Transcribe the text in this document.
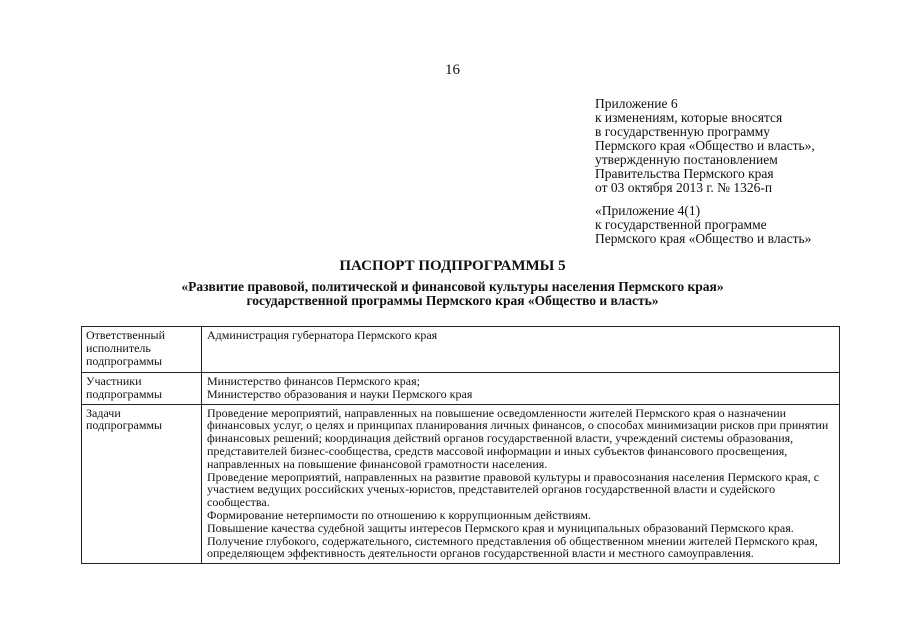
16
Приложение 6
к изменениям, которые вносятся
в государственную программу
Пермского края «Общество и власть»,
утвержденную постановлением
Правительства Пермского края
от 03 октября 2013 г. № 1326-п
«Приложение 4(1)
к государственной программе
Пермского края «Общество и власть»
ПАСПОРТ ПОДПРОГРАММЫ 5
«Развитие правовой, политической и финансовой культуры населения Пермского края»
государственной программы Пермского края «Общество и власть»
Ответственный
исполнитель
подпрограммы	Администрация губернатора Пермского края

Участники
подпрограммы	Министерство финансов Пермского края;
Министерство образования и науки Пермского края

Задачи
подпрограммы	Проведение мероприятий, направленных на повышение осведомленности жителей Пермского края о назначении финансовых услуг, о целях и принципах планирования личных финансов, о способах минимизации рисков при принятии финансовых решений; координация действий органов государственной власти, учреждений системы образования, представителей бизнес-сообщества, средств массовой информации и иных субъектов финансового просвещения, направленных на повышение финансовой грамотности населения.
Проведение мероприятий, направленных на развитие правовой культуры и правосознания населения Пермского края, с участием ведущих российских ученых-юристов, представителей органов государственной власти и судейского сообщества.
Формирование нетерпимости по отношению к коррупционным действиям.
Повышение качества судебной защиты интересов Пермского края и муниципальных образований Пермского края.
Получение глубокого, содержательного, системного представления об общественном мнении жителей Пермского края, определяющем эффективность деятельности органов государственной власти и местного самоуправления.
